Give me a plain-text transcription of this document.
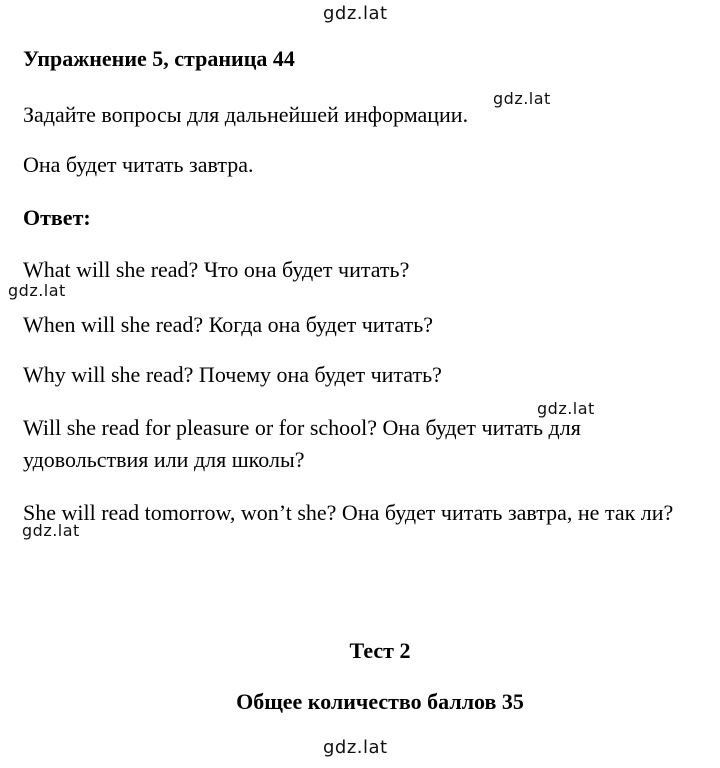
gdz.lat
Упражнение 5, страница 44
Задайте вопросы для дальнейшей информации.
Она будет читать завтра.
Ответ:
What will she read? Что она будет читать?
When will she read? Когда она будет читать?
Why will she read? Почему она будет читать?
Will she read for pleasure or for school? Она будет читать для удовольствия или для школы?
She will read tomorrow, won’t she? Она будет читать завтра, не так ли?
Тест 2
Общее количество баллов 35
gdz.lat
gdz.lat
gdz.lat
gdz.lat
gdz.lat
